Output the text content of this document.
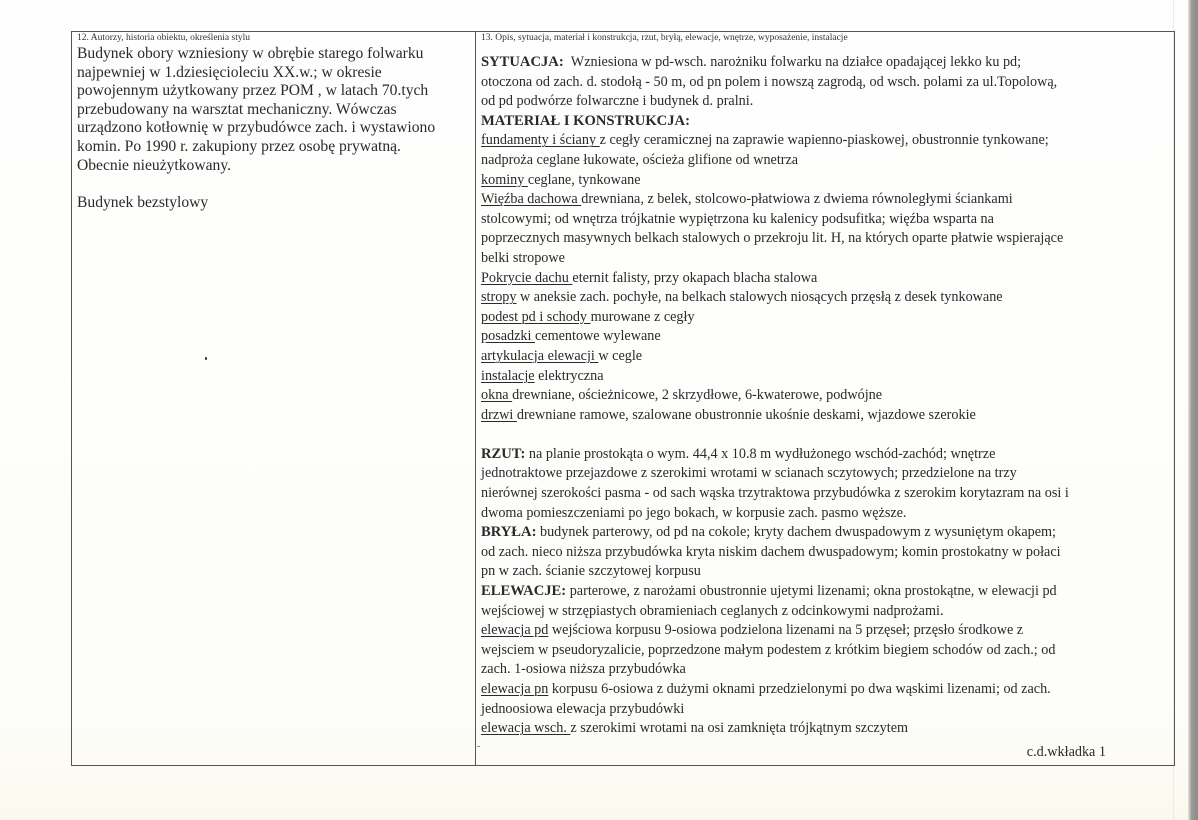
12. Autorzy, historia obiektu, określenia stylu

Budynek obory wzniesiony w obrębie starego folwarku

najpewniej w 1.dziesięcioleciu XX.w.; w okresie

powojennym użytkowany przez POM , w latach 70.tych

przebudowany na warsztat mechaniczny. Wówczas

urządzono kotłownię w przybudówce zach. i wystawiono

komin. Po 1990 r. zakupiony przez osobę prywatną.

Obecnie nieużytkowany.

Budynek bezstylowy

13. Opis, sytuacja, materiał i konstrukcja, rzut, bryłą, elewacje, wnętrze, wyposażenie, instalacje
SYTUACJA: Wzniesiona w pd-wsch. narożniku folwarku na działce opadającej lekko ku pd;
otoczona od zach. d. stodołą - 50 m, od pn polem i nowszą zagrodą, od wsch. polami za ul.Topolową,
od pd podwórze folwarczne i budynek d. pralni.
MATERIAŁ I KONSTRUKCJA:
fundamenty i ściany z cegły ceramicznej na zaprawie wapienno-piaskowej, obustronnie tynkowane;
nadproża ceglane łukowate, ościeża glifione od wnetrza
kominy ceglane, tynkowane
Więźba dachowa drewniana, z belek, stolcowo-płatwiowa z dwiema równoległymi ściankami
stolcowymi; od wnętrza trójkatnie wypiętrzona ku kalenicy podsufitka; więźba wsparta na
poprzecznych masywnych belkach stalowych o przekroju lit. H, na których oparte płatwie wspierające
belki stropowe
Pokrycie dachu eternit falisty, przy okapach blacha stalowa
stropy w aneksie zach. pochyłe, na belkach stalowych niosących przęsłą z desek tynkowane
podest pd i schody murowane z cegły
posadzki cementowe wylewane
artykulacja elewacji w cegle
instalacje elektryczna
okna drewniane, ościeżnicowe, 2 skrzydłowe, 6-kwaterowe, podwójne
drzwi drewniane ramowe, szalowane obustronnie ukośnie deskami, wjazdowe szerokie
RZUT: na planie prostokąta o wym. 44,4 x 10.8 m wydłużonego wschód-zachód; wnętrze
jednotraktowe przejazdowe z szerokimi wrotami w scianach sczytowych; przedzielone na trzy
nierównej szerokości pasma - od sach wąska trzytraktowa przybudówka z szerokim korytazram na osi i
dwoma pomieszczeniami po jego bokach, w korpusie zach. pasmo węższe.
BRYŁA: budynek parterowy, od pd na cokole; kryty dachem dwuspadowym z wysuniętym okapem;
od zach. nieco niższa przybudówka kryta niskim dachem dwuspadowym; komin prostokatny w połaci
pn w zach. ścianie szczytowej korpusu
ELEWACJE: parterowe, z narożami obustronnie ujetymi lizenami; okna prostokątne, w elewacji pd
wejściowej w strzępiastych obramieniach ceglanych z odcinkowymi nadprożami.
elewacja pd wejściowa korpusu 9-osiowa podzielona lizenami na 5 przęseł; przęsło środkowe z
wejsciem w pseudoryzalicie, poprzedzone małym podestem z krótkim biegiem schodów od zach.; od
zach. 1-osiowa niższa przybudówka
elewacja pn korpusu 6-osiowa z dużymi oknami przedzielonymi po dwa wąskimi lizenami; od zach.
jednoosiowa elewacja przybudówki
elewacja wsch. z szerokimi wrotami na osi zamknięta trójkątnym szczytem
c.d.wkładka 1
